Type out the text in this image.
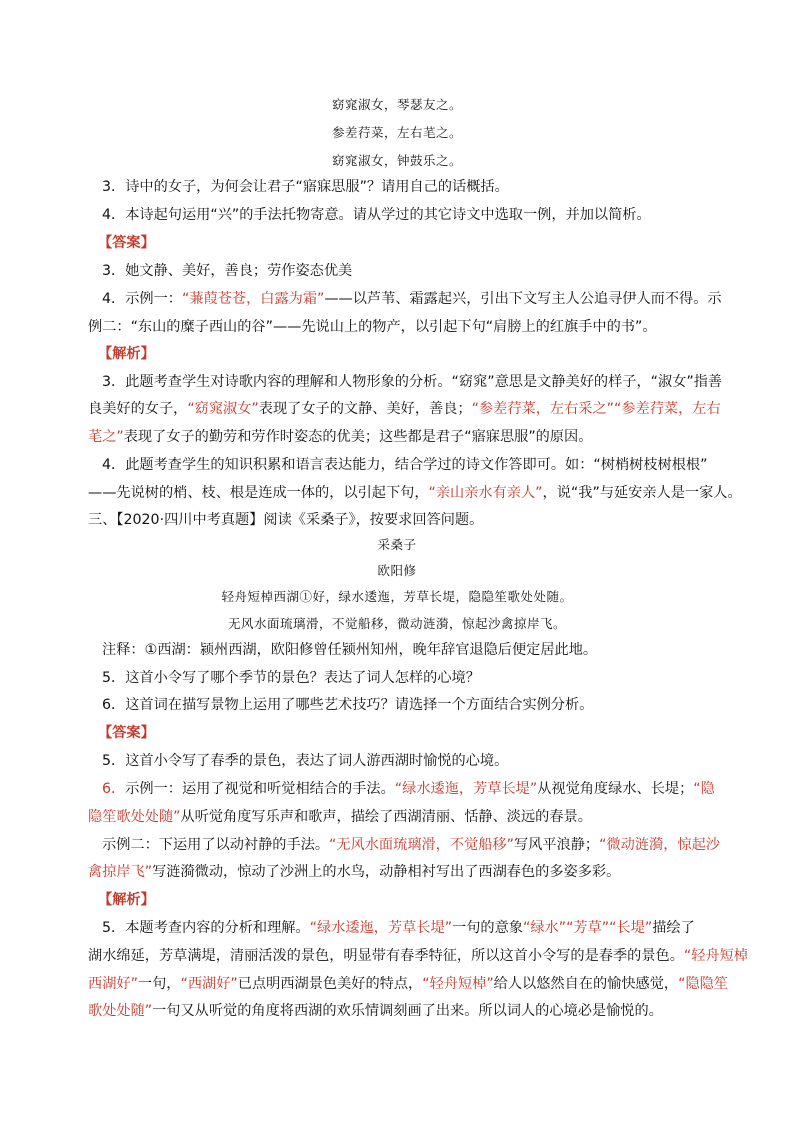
窈窕淑女，琴瑟友之。
参差荇菜，左右芼之。
窈窕淑女，钟鼓乐之。
3．诗中的女子，为何会让君子“寤寐思服”？请用自己的话概括。
4．本诗起句运用“兴”的手法托物寄意。请从学过的其它诗文中选取一例，并加以简析。
【答案】
3．她文静、美好，善良；劳作姿态优美
4．示例一：“蒹葭苍苍，白露为霜”——以芦苇、霜露起兴，引出下文写主人公追寻伊人而不得。示
例二：“东山的糜子西山的谷”——先说山上的物产，以引起下句“肩膀上的红旗手中的书”。
【解析】
3．此题考查学生对诗歌内容的理解和人物形象的分析。“窈窕”意思是文静美好的样子，“淑女”指善
良美好的女子，“窈窕淑女”表现了女子的文静、美好，善良；“参差荇菜，左右采之”“参差荇菜，左右
芼之”表现了女子的勤劳和劳作时姿态的优美；这些都是君子“寤寐思服”的原因。
4．此题考查学生的知识积累和语言表达能力，结合学过的诗文作答即可。如：“树梢树枝树根根”
——先说树的梢、枝、根是连成一体的，以引起下句，“亲山亲水有亲人”，说“我”与延安亲人是一家人。
三、【2020·四川中考真题】阅读《采桑子》，按要求回答问题。
采桑子
欧阳修
轻舟短棹西湖①好，绿水逶迤，芳草长堤，隐隐笙歌处处随。
无风水面琉璃滑，不觉船移，微动涟漪，惊起沙禽掠岸飞。
注释：①西湖：颍州西湖，欧阳修曾任颍州知州，晚年辞官退隐后便定居此地。
5．这首小令写了哪个季节的景色？表达了词人怎样的心境？
6．这首词在描写景物上运用了哪些艺术技巧？请选择一个方面结合实例分析。
【答案】
5．这首小令写了春季的景色，表达了词人游西湖时愉悦的心境。
6．示例一：运用了视觉和听觉相结合的手法。“绿水逶迤，芳草长堤”从视觉角度绿水、长堤；“隐
隐笙歌处处随”从听觉角度写乐声和歌声，描绘了西湖清丽、恬静、淡远的春景。
示例二：下运用了以动衬静的手法。“无风水面琉璃滑，不觉船移”写风平浪静；“微动涟漪，惊起沙
禽掠岸飞”写涟漪微动，惊动了沙洲上的水鸟，动静相衬写出了西湖春色的多姿多彩。
【解析】
5．本题考查内容的分析和理解。“绿水逶迤，芳草长堤”一句的意象“绿水”“芳草”“长堤”描绘了
湖水绵延，芳草满堤，清丽活泼的景色，明显带有春季特征，所以这首小令写的是春季的景色。“轻舟短棹
西湖好”一句，“西湖好”已点明西湖景色美好的特点，“轻舟短棹”给人以悠然自在的愉快感觉，“隐隐笙
歌处处随”一句又从听觉的角度将西湖的欢乐情调刻画了出来。所以词人的心境必是愉悦的。
